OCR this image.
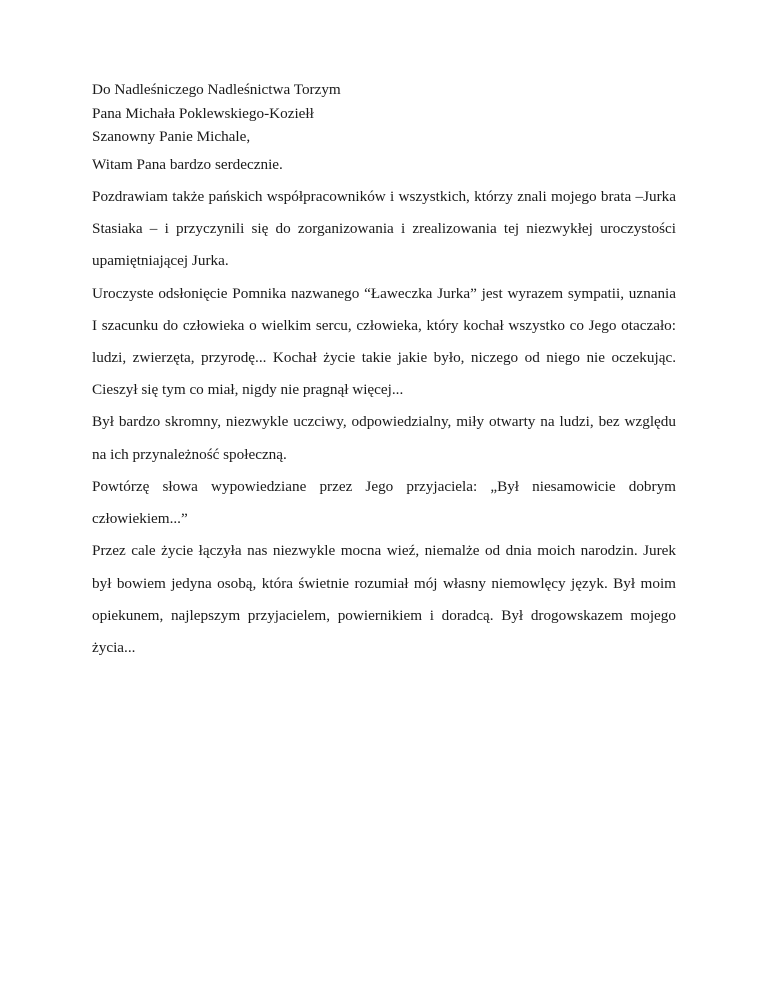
Do Nadleśniczego Nadleśnictwa Torzym

Pana Michała Poklewskiego-Koziełł

Szanowny Panie Michale,

Witam Pana bardzo serdecznie.

Pozdrawiam także pańskich współpracowników i wszystkich, którzy znali mojego brata –Jurka Stasiaka – i przyczynili się do zorganizowania i zrealizowania tej niezwykłej uroczystości upamiętniającej Jurka.

Uroczyste odsłonięcie Pomnika nazwanego “Ławeczka Jurka” jest wyrazem sympatii, uznania I szacunku do człowieka o wielkim sercu, człowieka, który kochał wszystko co Jego otaczało: ludzi, zwierzęta, przyrodę... Kochał życie takie jakie było, niczego od niego nie oczekując. Cieszył się tym co miał, nigdy nie pragnął więcej...

Był bardzo skromny, niezwykle uczciwy, odpowiedzialny, miły otwarty na ludzi, bez względu na ich przynależność społeczną.

Powtórzę słowa wypowiedziane przez Jego przyjaciela: „Był niesamowicie dobrym człowiekiem...”

Przez cale życie łączyła nas niezwykle mocna wieź, niemalże od dnia moich narodzin. Jurek był bowiem jedyna osobą, która świetnie rozumiał mój własny niemowlęcy język. Był moim opiekunem, najlepszym przyjacielem, powiernikiem i doradcą. Był drogowskazem mojego życia...
